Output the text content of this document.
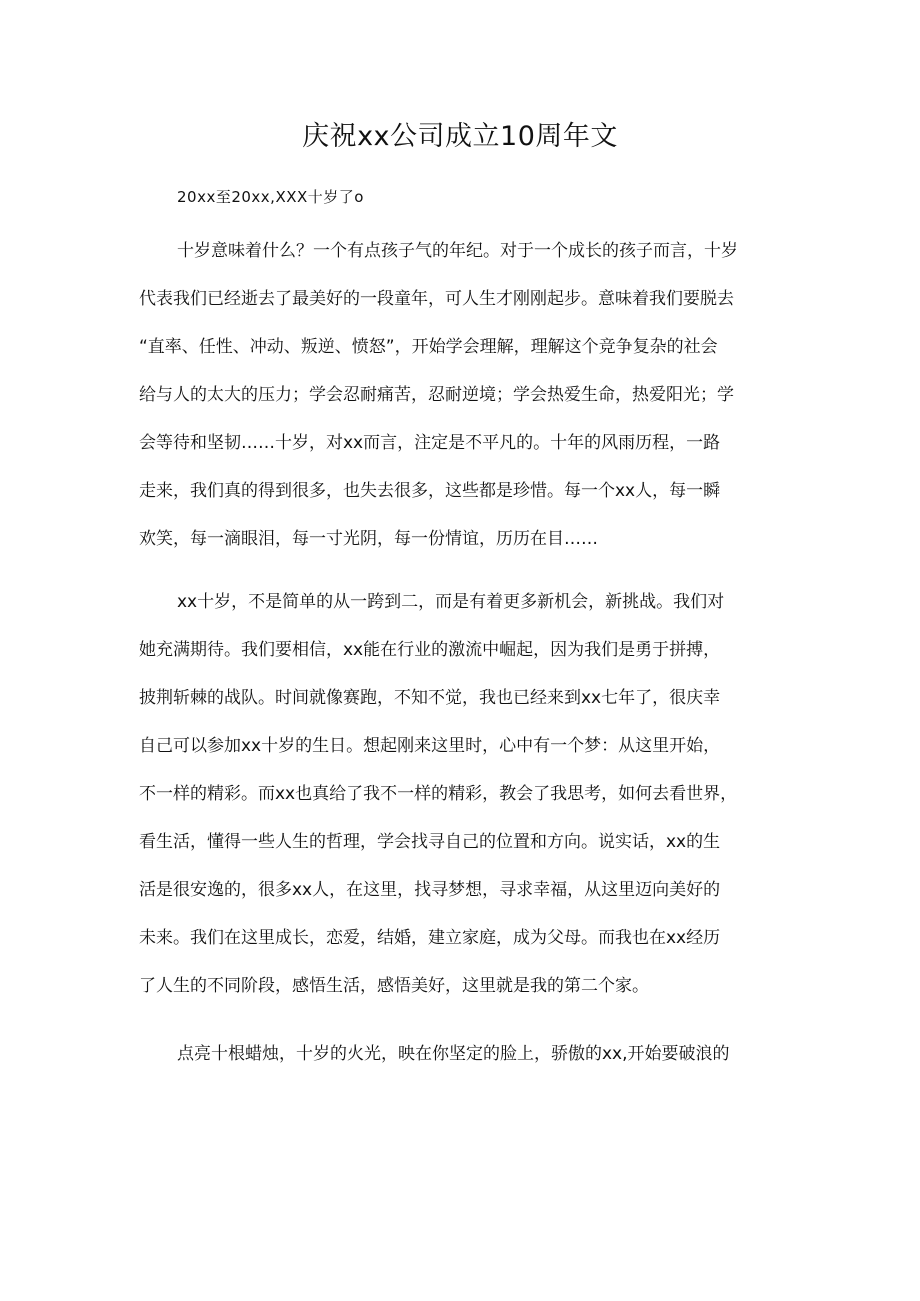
庆祝xx公司成立10周年文

20xx至20xx,XXX十岁了o

十岁意味着什么？一个有点孩子气的年纪。对于一个成长的孩子而言，十岁
代表我们已经逝去了最美好的一段童年，可人生才刚刚起步。意味着我们要脱去
“直率、任性、冲动、叛逆、愤怒”，开始学会理解，理解这个竞争复杂的社会
给与人的太大的压力；学会忍耐痛苦，忍耐逆境；学会热爱生命，热爱阳光；学
会等待和坚韧……十岁，对xx而言，注定是不平凡的。十年的风雨历程，一路
走来，我们真的得到很多，也失去很多，这些都是珍惜。每一个xx人，每一瞬
欢笑，每一滴眼泪，每一寸光阴，每一份情谊，历历在目……

xx十岁，不是简单的从一跨到二，而是有着更多新机会，新挑战。我们对
她充满期待。我们要相信，xx能在行业的激流中崛起，因为我们是勇于拼搏，
披荆斩棘的战队。时间就像赛跑，不知不觉，我也已经来到xx七年了，很庆幸
自己可以参加xx十岁的生日。想起刚来这里时，心中有一个梦：从这里开始，
不一样的精彩。而xx也真给了我不一样的精彩，教会了我思考，如何去看世界，
看生活，懂得一些人生的哲理，学会找寻自己的位置和方向。说实话，xx的生
活是很安逸的，很多xx人，在这里，找寻梦想，寻求幸福，从这里迈向美好的
未来。我们在这里成长，恋爱，结婚，建立家庭，成为父母。而我也在xx经历
了人生的不同阶段，感悟生活，感悟美好，这里就是我的第二个家。

点亮十根蜡烛，十岁的火光，映在你坚定的脸上，骄傲的xx,开始要破浪的
